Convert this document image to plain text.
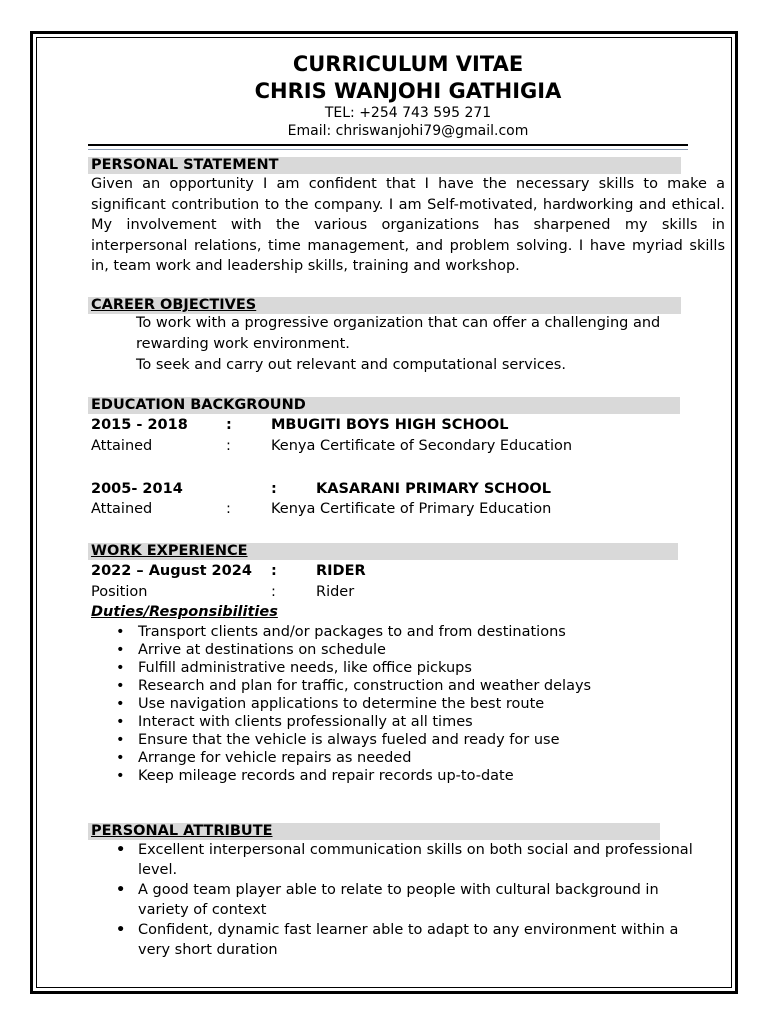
CURRICULUM VITAE
CHRIS WANJOHI GATHIGIA
TEL: +254 743 595 271
Email: chriswanjohi79@gmail.com
PERSONAL STATEMENT
Given an opportunity I am confident that I have the necessary skills to make a significant contribution to the company. I am Self-motivated, hardworking and ethical. My involvement with the various organizations has sharpened my skills in interpersonal relations, time management, and problem solving. I have myriad skills in, team work and leadership skills, training and workshop.
CAREER OBJECTIVES
To work with a progressive organization that can offer a challenging and
rewarding work environment.
To seek and carry out relevant and computational services.
EDUCATION BACKGROUND
2015 - 2018	:	MBUGITI BOYS HIGH SCHOOL
Attained	:	Kenya Certificate of Secondary Education
2005- 2014	:	KASARANI PRIMARY SCHOOL
Attained	:	Kenya Certificate of Primary Education
WORK EXPERIENCE
2022 – August 2024 :	RIDER
Position	:	Rider
Duties/Responsibilities
• Transport clients and/or packages to and from destinations
• Arrive at destinations on schedule
• Fulfill administrative needs, like office pickups
• Research and plan for traffic, construction and weather delays
• Use navigation applications to determine the best route
• Interact with clients professionally at all times
• Ensure that the vehicle is always fueled and ready for use
• Arrange for vehicle repairs as needed
• Keep mileage records and repair records up-to-date
PERSONAL ATTRIBUTE
• Excellent interpersonal communication skills on both social and professional
level.
• A good team player able to relate to people with cultural background in
variety of context
• Confident, dynamic fast learner able to adapt to any environment within a
very short duration
